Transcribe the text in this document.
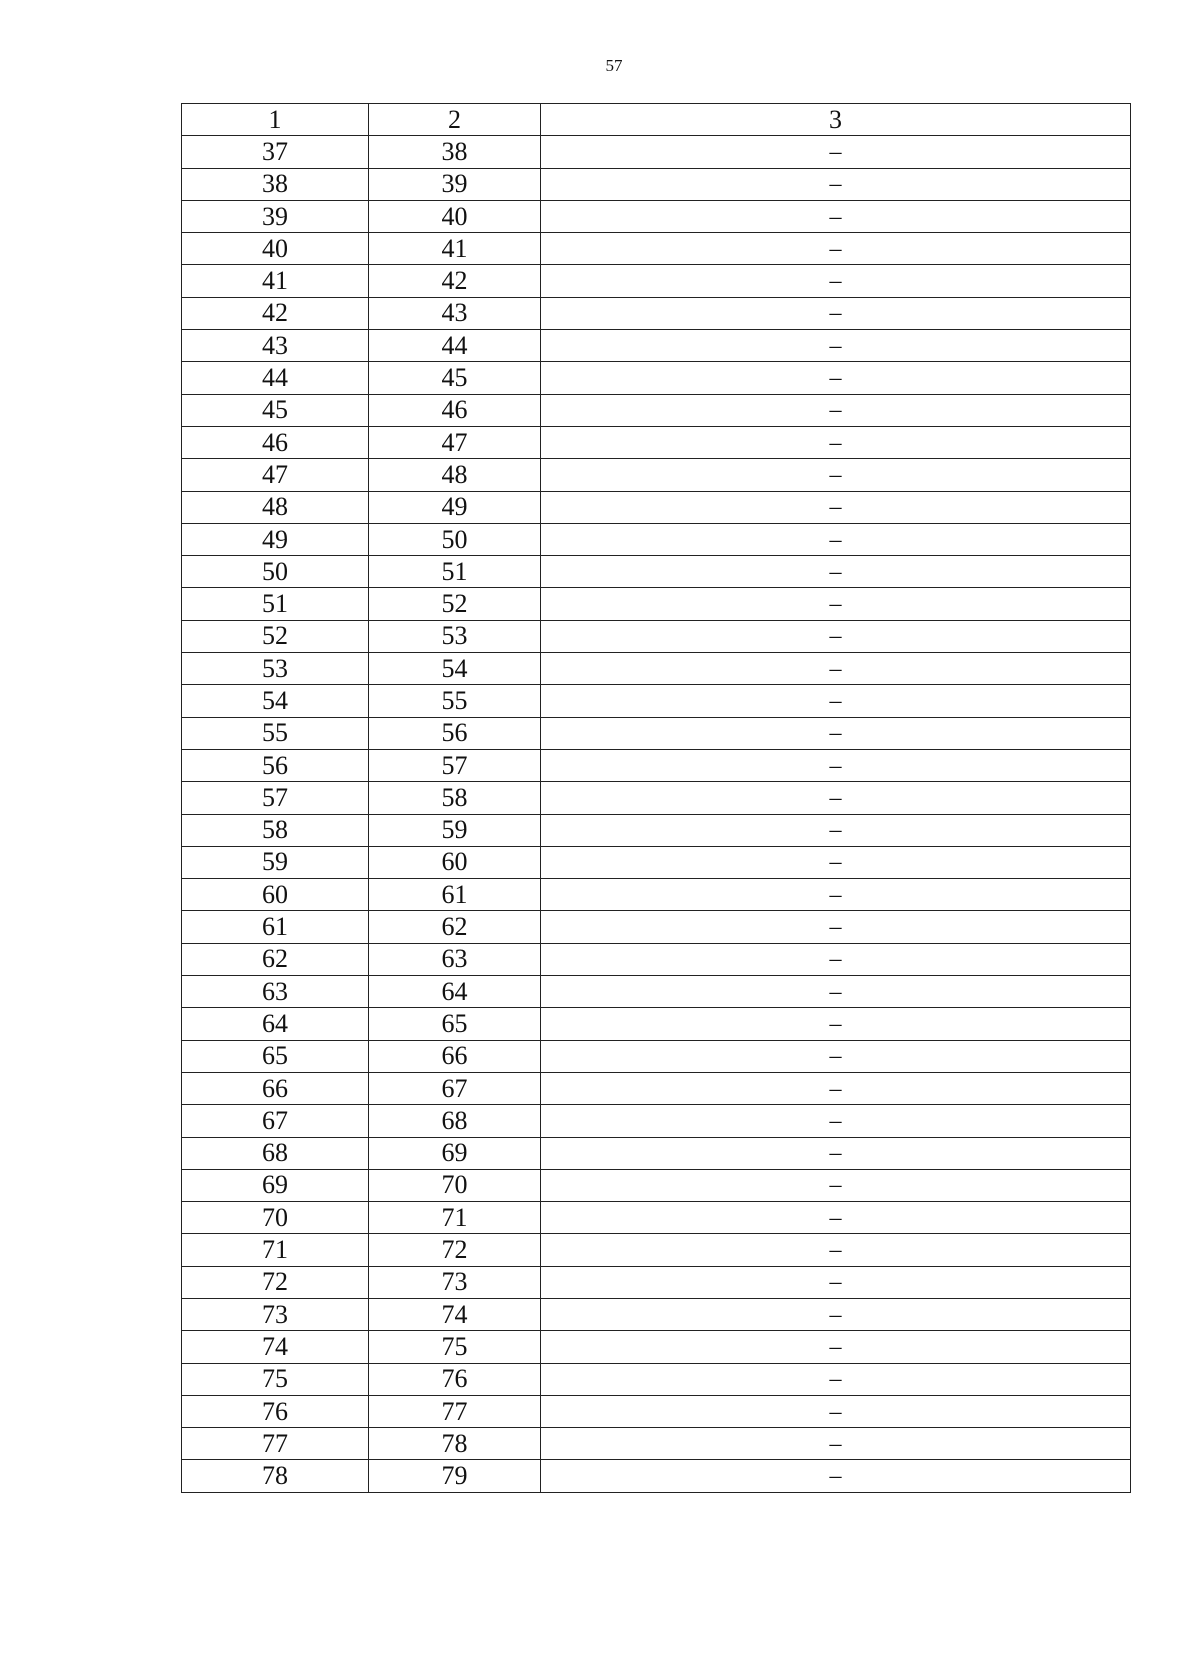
57
1	2	3
37	38	–
38	39	–
39	40	–
40	41	–
41	42	–
42	43	–
43	44	–
44	45	–
45	46	–
46	47	–
47	48	–
48	49	–
49	50	–
50	51	–
51	52	–
52	53	–
53	54	–
54	55	–
55	56	–
56	57	–
57	58	–
58	59	–
59	60	–
60	61	–
61	62	–
62	63	–
63	64	–
64	65	–
65	66	–
66	67	–
67	68	–
68	69	–
69	70	–
70	71	–
71	72	–
72	73	–
73	74	–
74	75	–
75	76	–
76	77	–
77	78	–
78	79	–
